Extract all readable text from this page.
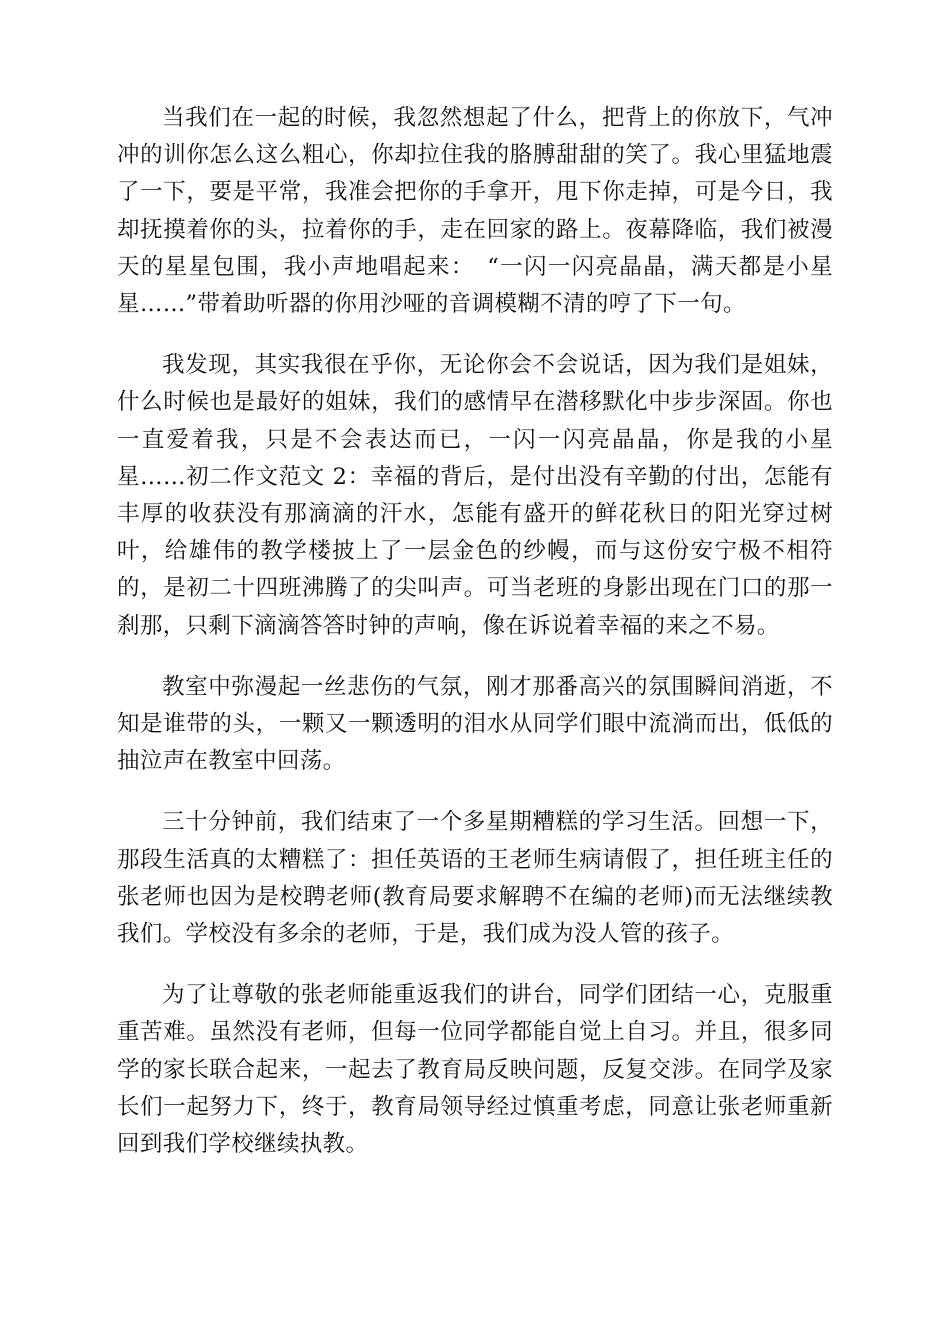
当我们在一起的时候，我忽然想起了什么，把背上的你放下，气冲冲的训你怎么这么粗心，你却拉住我的胳膊甜甜的笑了。我心里猛地震了一下，要是平常，我准会把你的手拿开，甩下你走掉，可是今日，我却抚摸着你的头，拉着你的手，走在回家的路上。夜幕降临，我们被漫天的星星包围，我小声地唱起来：　“一闪一闪亮晶晶，满天都是小星星……”带着助听器的你用沙哑的音调模糊不清的哼了下一句。

我发现，其实我很在乎你，无论你会不会说话，因为我们是姐妹，什么时候也是最好的姐妹，我们的感情早在潜移默化中步步深固。你也一直爱着我，只是不会表达而已，一闪一闪亮晶晶，你是我的小星星……初二作文范文 2：幸福的背后，是付出没有辛勤的付出，怎能有丰厚的收获没有那滴滴的汗水，怎能有盛开的鲜花秋日的阳光穿过树叶，给雄伟的教学楼披上了一层金色的纱幔，而与这份安宁极不相符的，是初二十四班沸腾了的尖叫声。可当老班的身影出现在门口的那一刹那，只剩下滴滴答答时钟的声响，像在诉说着幸福的来之不易。

教室中弥漫起一丝悲伤的气氛，刚才那番高兴的氛围瞬间消逝，不知是谁带的头，一颗又一颗透明的泪水从同学们眼中流淌而出，低低的抽泣声在教室中回荡。

三十分钟前，我们结束了一个多星期糟糕的学习生活。回想一下，那段生活真的太糟糕了：担任英语的王老师生病请假了，担任班主任的张老师也因为是校聘老师(教育局要求解聘不在编的老师)而无法继续教我们。学校没有多余的老师，于是，我们成为没人管的孩子。

为了让尊敬的张老师能重返我们的讲台，同学们团结一心，克服重重苦难。虽然没有老师，但每一位同学都能自觉上自习。并且，很多同学的家长联合起来，一起去了教育局反映问题，反复交涉。在同学及家长们一起努力下，终于，教育局领导经过慎重考虑，同意让张老师重新回到我们学校继续执教。
